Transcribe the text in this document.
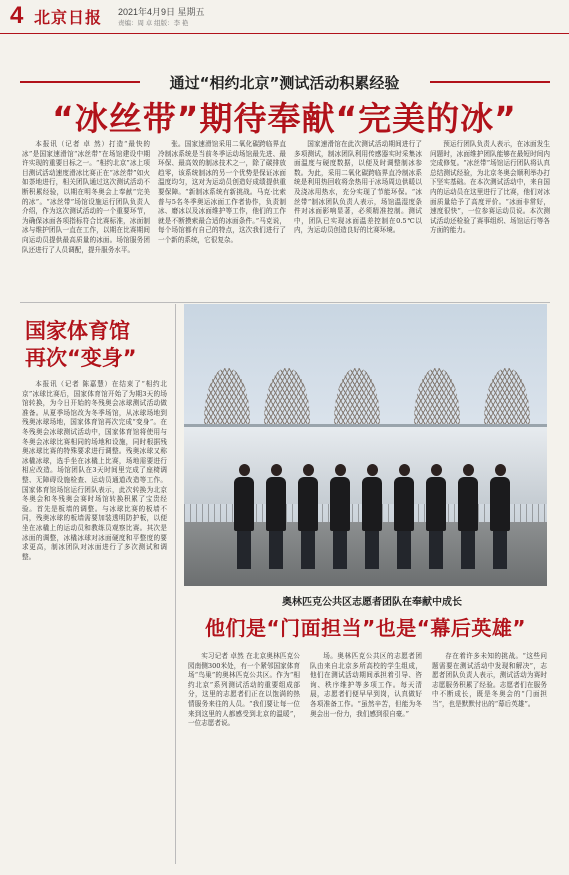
4 北京日报 2021年4月9日 星期五
责编：周 卓 组版：李 艳
通过“相约北京”测试活动积累经验
“冰丝带”期待奉献“完美的冰”
本报讯（记者 卓 然）打造“最快的冰”是国家速滑馆“冰丝带”在场馆建设中期许实现的重要目标之一。“相约北京”冰上项目测试活动速度滑冰比赛正在“冰丝带”如火如荼地进行，相关团队通过这次测试活动不断积累经验，以期在明冬奥会上奉献“完美的冰”。“冰丝带”场馆设施运行团队负责人介绍，作为这次测试活动的一个重要环节，为确保冰面各项指标符合比赛标准，冰面制冰与维护团队一直在工作，以期在比赛期间向运动员提供最高质量的冰面。场馆服务团队还进行了人员调配，提升服务水平。
张。国家速滑馆采用二氧化碳跨临界直冷制冰系统是当前冬季运动场馆最先进、最环保、最高效的制冰技术之一，除了碳排放趋零，该系统制冰的另一个优势是保证冰面温度均匀，这对为运动员创造好成绩提供重要保障。“新制冰系统有新挑战。马克·比索普与5名冬季奥运冰面工作者协作，负责制冰、磨冰以及冰面维护等工作，他们的工作就是不断摸索最合适的冰面条件。”马克说，每个场馆都有自己的特点，这次我们进行了一个新的系统，它很复杂。
国家速滑馆在此次测试活动期间进行了多项测试，制冰团队利用传感器实时采集冰面温度与硬度数据，以便及时调整制冰参数。为此，采用二氧化碳跨临界直冷制冰系统是利用热回收将余热用于冰场周边供暖以及浇冰用热水，充分实现了节能环保。“冰丝带”制冰团队负责人表示，场馆温湿度条件对冰面影响显著，必须精准控制。测试中，团队已实现冰面温差控制在0.5℃以内，为运动员创造良好的比赛环境。
预运行团队负责人表示，在冰面发生问题时，冰面维护团队能够在最短时间内完成修复。“冰丝带”场馆运行团队将认真总结测试经验，为北京冬奥会顺利举办打下坚实基础。在本次测试活动中，来自国内的运动员在这里进行了比赛，他们对冰面质量给予了高度评价。“冰面非常好，速度很快”，一位参赛运动员说。本次测试活动还检验了赛事组织、场馆运行等各方面的能力。
国家体育馆
再次“变身”
本报讯（记者 陈嘉慧）在结束了“相约北京”冰球比赛后，国家体育馆开始了为期3天的场馆转换，为今日开始的冬残奥会冰球测试活动做准备。从夏季场馆改为冬季场馆，从冰球场地到残奥冰球场地，国家体育馆再次完成“变身”。在冬残奥会冰球测试活动中，国家体育馆将使用与冬奥会冰球比赛相同的场地和设施，同时根据残奥冰球比赛的特殊要求进行调整。残奥冰球又称冰橇冰球，选手坐在冰橇上比赛，场地需要进行相应改造。场馆团队在3天时间里完成了座椅调整、无障碍设施检查、运动员通道改造等工作。国家体育馆场馆运行团队表示，此次转换为北京冬奥会和冬残奥会赛时场馆转换积累了宝贵经验。首先是板墙的调整。与冰球比赛的板墙不同，残奥冰球的板墙需要加装透明防护板，以便坐在冰橇上的运动员和教练员观察比赛。其次是冰面的调整，冰橇冰球对冰面硬度和平整度的要求更高，制冰团队对冰面进行了多次测试和调整。
奥林匹克公共区志愿者团队在奉献中成长
他们是“门面担当”也是“幕后英雄”
实习记者 卓然 在北京奥林匹克公园南侧300米处，有一个紧邻国家体育场“鸟巢”的奥林匹克公共区。作为“相约北京”系列测试活动的重要组成部分，这里的志愿者们正在以饱满的热情服务来往的人员。“我们要让每一位来到这里的人都感受到北京的温暖”，一位志愿者说。
场。奥林匹克公共区的志愿者团队由来自北京多所高校的学生组成，他们在测试活动期间承担着引导、咨询、秩序维护等多项工作。每天清晨，志愿者们便早早到岗，认真做好各项准备工作。“虽然辛苦，但能为冬奥会出一份力，我们感到很自豪。”
存在着许多未知的挑战。“这些问题需要在测试活动中发现和解决”，志愿者团队负责人表示，测试活动为赛时志愿服务积累了经验。志愿者们在服务中不断成长，既是冬奥会的“门面担当”，也是默默付出的“幕后英雄”。
